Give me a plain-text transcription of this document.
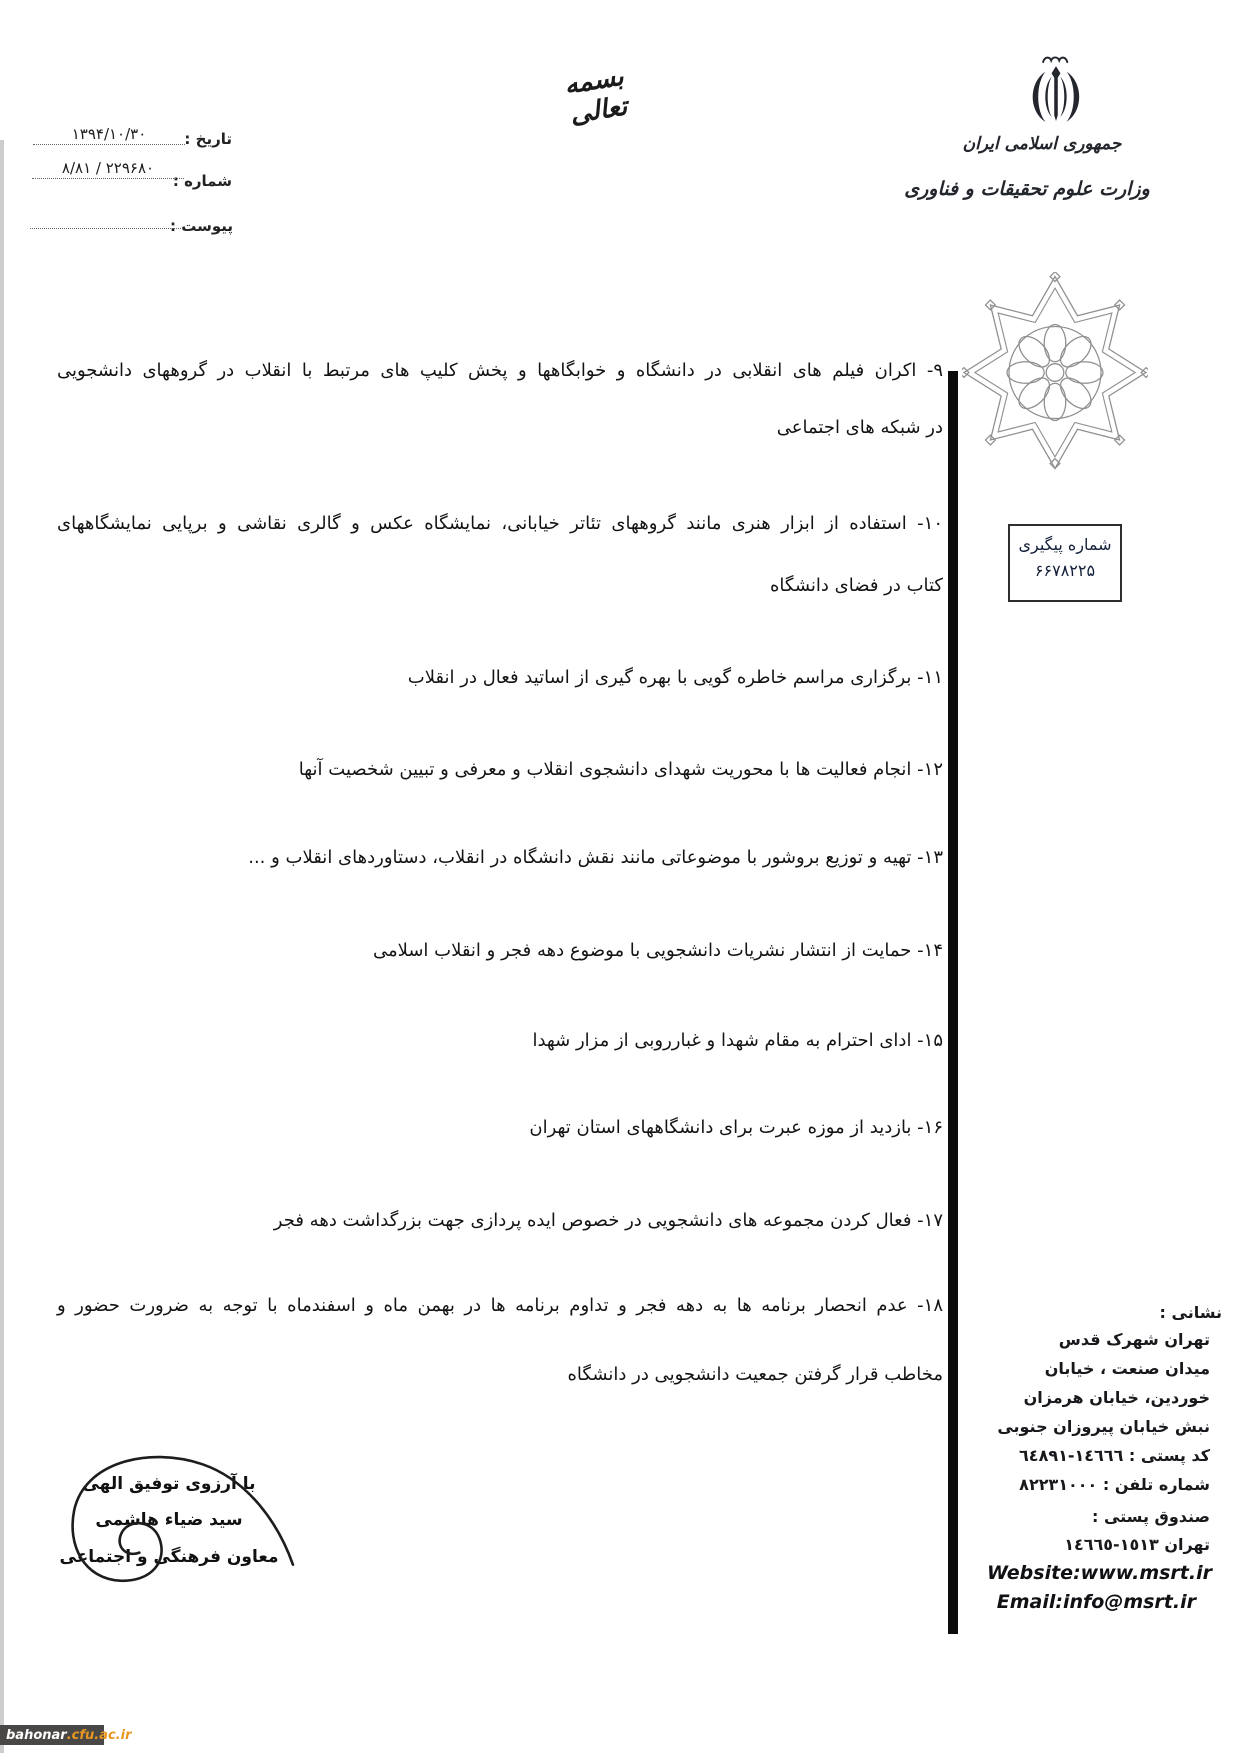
بسمه تعالی
جمهوری اسلامی ایران
وزارت علوم تحقیقات و فناوری
تاریخ :
۱۳۹۴/۱۰/۳۰
شماره :
۸/۸۱ / ۲۲۹۶۸۰
پیوست :
شماره پیگیری
۶۶۷۸۲۲۵
۹- اکران فیلم های انقلابی در دانشگاه و خوابگاهها و پخش کلیپ های مرتبط با انقلاب در گروههای دانشجویی
در شبکه های اجتماعی
۱۰- استفاده از ابزار هنری مانند گروههای تئاتر خیابانی، نمایشگاه عکس و گالری نقاشی و برپایی نمایشگاههای
کتاب در فضای دانشگاه
۱۱- برگزاری مراسم خاطره گویی با بهره گیری از اساتید فعال در انقلاب
۱۲- انجام فعالیت ها با محوریت شهدای دانشجوی انقلاب و معرفی و تبیین شخصیت آنها
۱۳- تهیه و توزیع بروشور با موضوعاتی مانند نقش دانشگاه در انقلاب، دستاوردهای انقلاب و ...
۱۴- حمایت از انتشار نشریات دانشجویی با موضوع دهه فجر و انقلاب اسلامی
۱۵- ادای احترام به مقام شهدا و غبارروبی از مزار شهدا
۱۶- بازدید از موزه عبرت برای دانشگاههای استان تهران
۱۷- فعال کردن مجموعه های دانشجویی در خصوص ایده پردازی جهت بزرگداشت دهه فجر
۱۸- عدم انحصار برنامه ها به دهه فجر و تداوم برنامه ها در بهمن ماه و اسفندماه با توجه به ضرورت حضور و
مخاطب قرار گرفتن جمعیت دانشجویی در دانشگاه
با آرزوی توفیق الهی
سید ضیاء هاشمی
معاون فرهنگی و اجتماعی
نشانی :
تهران شهرک قدس
میدان صنعت ، خیابان
خوردین، خیابان هرمزان
نبش خیابان پیروزان جنوبی
کد پستی : ١٤٦٦٦-٦٤٨٩١
شماره تلفن : ٨٢٢٣١٠٠٠
صندوق پستی :
تهران ١٥١٣-١٤٦٦٥
Website:www.msrt.ir
Email:info@msrt.ir
bahonar .cfu.ac.ir
